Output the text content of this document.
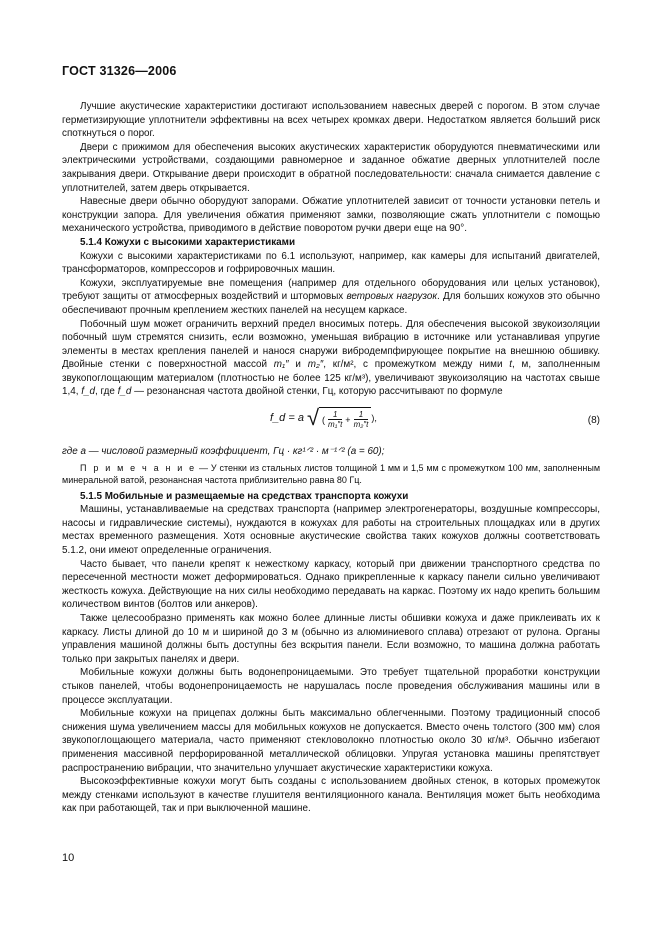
ГОСТ 31326—2006

Лучшие акустические характеристики достигают использованием навесных дверей с порогом. В этом случае герметизирующие уплотнители эффективны на всех четырех кромках двери. Недостатком является больший риск споткнуться о порог.

Двери с прижимом для обеспечения высоких акустических характеристик оборудуются пневматическими или электрическими устройствами, создающими равномерное и заданное обжатие дверных уплотнителей после закрывания двери. Открывание двери происходит в обратной последовательности: сначала снимается давление с уплотнителей, затем дверь открывается.

Навесные двери обычно оборудуют запорами. Обжатие уплотнителей зависит от точности установки петель и конструкции запора. Для увеличения обжатия применяют замки, позволяющие сжать уплотнители с помощью механического устройства, приводимого в действие поворотом ручки двери еще на 90°.

5.1.4 Кожухи с высокими характеристиками

Кожухи с высокими характеристиками по 6.1 используют, например, как камеры для испытаний двигателей, трансформаторов, компрессоров и гофрировочных машин.

Кожухи, эксплуатируемые вне помещения (например для отдельного оборудования или целых установок), требуют защиты от атмосферных воздействий и штормовых ветровых нагрузок. Для больших кожухов это обычно обеспечивают прочным креплением жестких панелей на несущем каркасе.

Побочный шум может ограничить верхний предел вносимых потерь. Для обеспечения высокой звукоизоляции побочный шум стремятся снизить, если возможно, уменьшая вибрацию в источнике или устанавливая упругие элементы в местах крепления панелей и нанося снаружи вибродемпфирующее покрытие на внешнюю обшивку. Двойные стенки с поверхностной массой m₁″ и m₂″, кг/м², с промежутком между ними t, м, заполненным звукопоглощающим материалом (плотностью не более 125 кг/м³), увеличивают звукоизоляцию на частотах свыше 1,4, f_d, где f_d — резонансная частота двойной стенки, Гц, которую рассчитывают по формуле

f_d
= a √ ( $\frac{1}{\text{m₁″t}} + \frac{1}{\text{m₂″t}}$ ),	(8)

где a — числовой размерный коэффициент, Гц · кг¹ᐟ² · м⁻¹ᐟ² (a = 60);

П р и м е ч а н и е — У стенки из стальных листов толщиной 1 мм и 1,5 мм с промежутком 100 мм, заполненным минеральной ватой, резонансная частота приблизительно равна 80 Гц.

5.1.5 Мобильные и размещаемые на средствах транспорта кожухи

Машины, устанавливаемые на средствах транспорта (например электрогенераторы, воздушные компрессоры, насосы и гидравлические системы), нуждаются в кожухах для работы на строительных площадках или в других местах временного размещения. Хотя основные акустические свойства таких кожухов должны соответствовать 5.1.2, они имеют определенные ограничения.

Часто бывает, что панели крепят к нежесткому каркасу, который при движении транспортного средства по пересеченной местности может деформироваться. Однако прикрепленные к каркасу панели сильно увеличивают жесткость кожуха. Действующие на них силы необходимо передавать на каркас. Поэтому их надо крепить большим количеством винтов (болтов или анкеров).

Также целесообразно применять как можно более длинные листы обшивки кожуха и даже приклеивать их к каркасу. Листы длиной до 10 м и шириной до 3 м (обычно из алюминиевого сплава) отрезают от рулона. Органы управления машиной должны быть доступны без вскрытия панели. Если возможно, то машина должна работать только при закрытых панелях и двери.

Мобильные кожухи должны быть водонепроницаемыми. Это требует тщательной проработки конструкции стыков панелей, чтобы водонепроницаемость не нарушалась после проведения обслуживания машины или в процессе эксплуатации.

Мобильные кожухи на прицепах должны быть максимально облегченными. Поэтому традиционный способ снижения шума увеличением массы для мобильных кожухов не допускается. Вместо очень толстого (300 мм) слоя звукопоглощающего материала, часто применяют стекловолокно плотностью около 30 кг/м³. Обычно избегают применения массивной перфорированной металлической облицовки. Упругая установка машины препятствует распространению вибрации, что значительно улучшает акустические характеристики кожуха.

Высокоэффективные кожухи могут быть созданы с использованием двойных стенок, в которых промежуток между стенками используют в качестве глушителя вентиляционного канала. Вентиляция может быть необходима как при работающей, так и при выключенной машине.

10
